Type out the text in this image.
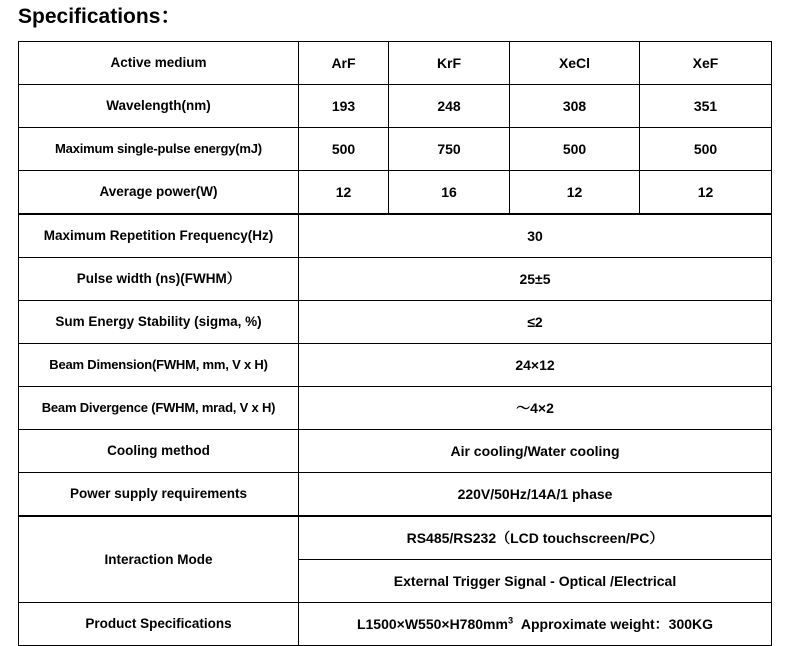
Specifications：
Active medium	ArF	KrF	XeCl	XeF
Wavelength(nm)	193	248	308	351
Maximum single-pulse energy(mJ)	500	750	500	500
Average power(W)	12	16	12	12
Maximum Repetition Frequency(Hz)	30			
Pulse width (ns)(FWHM）	25±5			
Sum Energy Stability (sigma, %)	≤2			
Beam Dimension(FWHM, mm, V x H)	24×12			
Beam Divergence (FWHM, mrad, V x H)	～4×2			
Cooling method	Air cooling/Water cooling			
Power supply requirements	220V/50Hz/14A/1 phase			
Interaction Mode	RS485/RS232（LCD touchscreen/PC）			
	External Trigger Signal - Optical /Electrical			
Product Specifications	$L1500\times W550\times H780mm^3$ Approximate weight：300KG			
